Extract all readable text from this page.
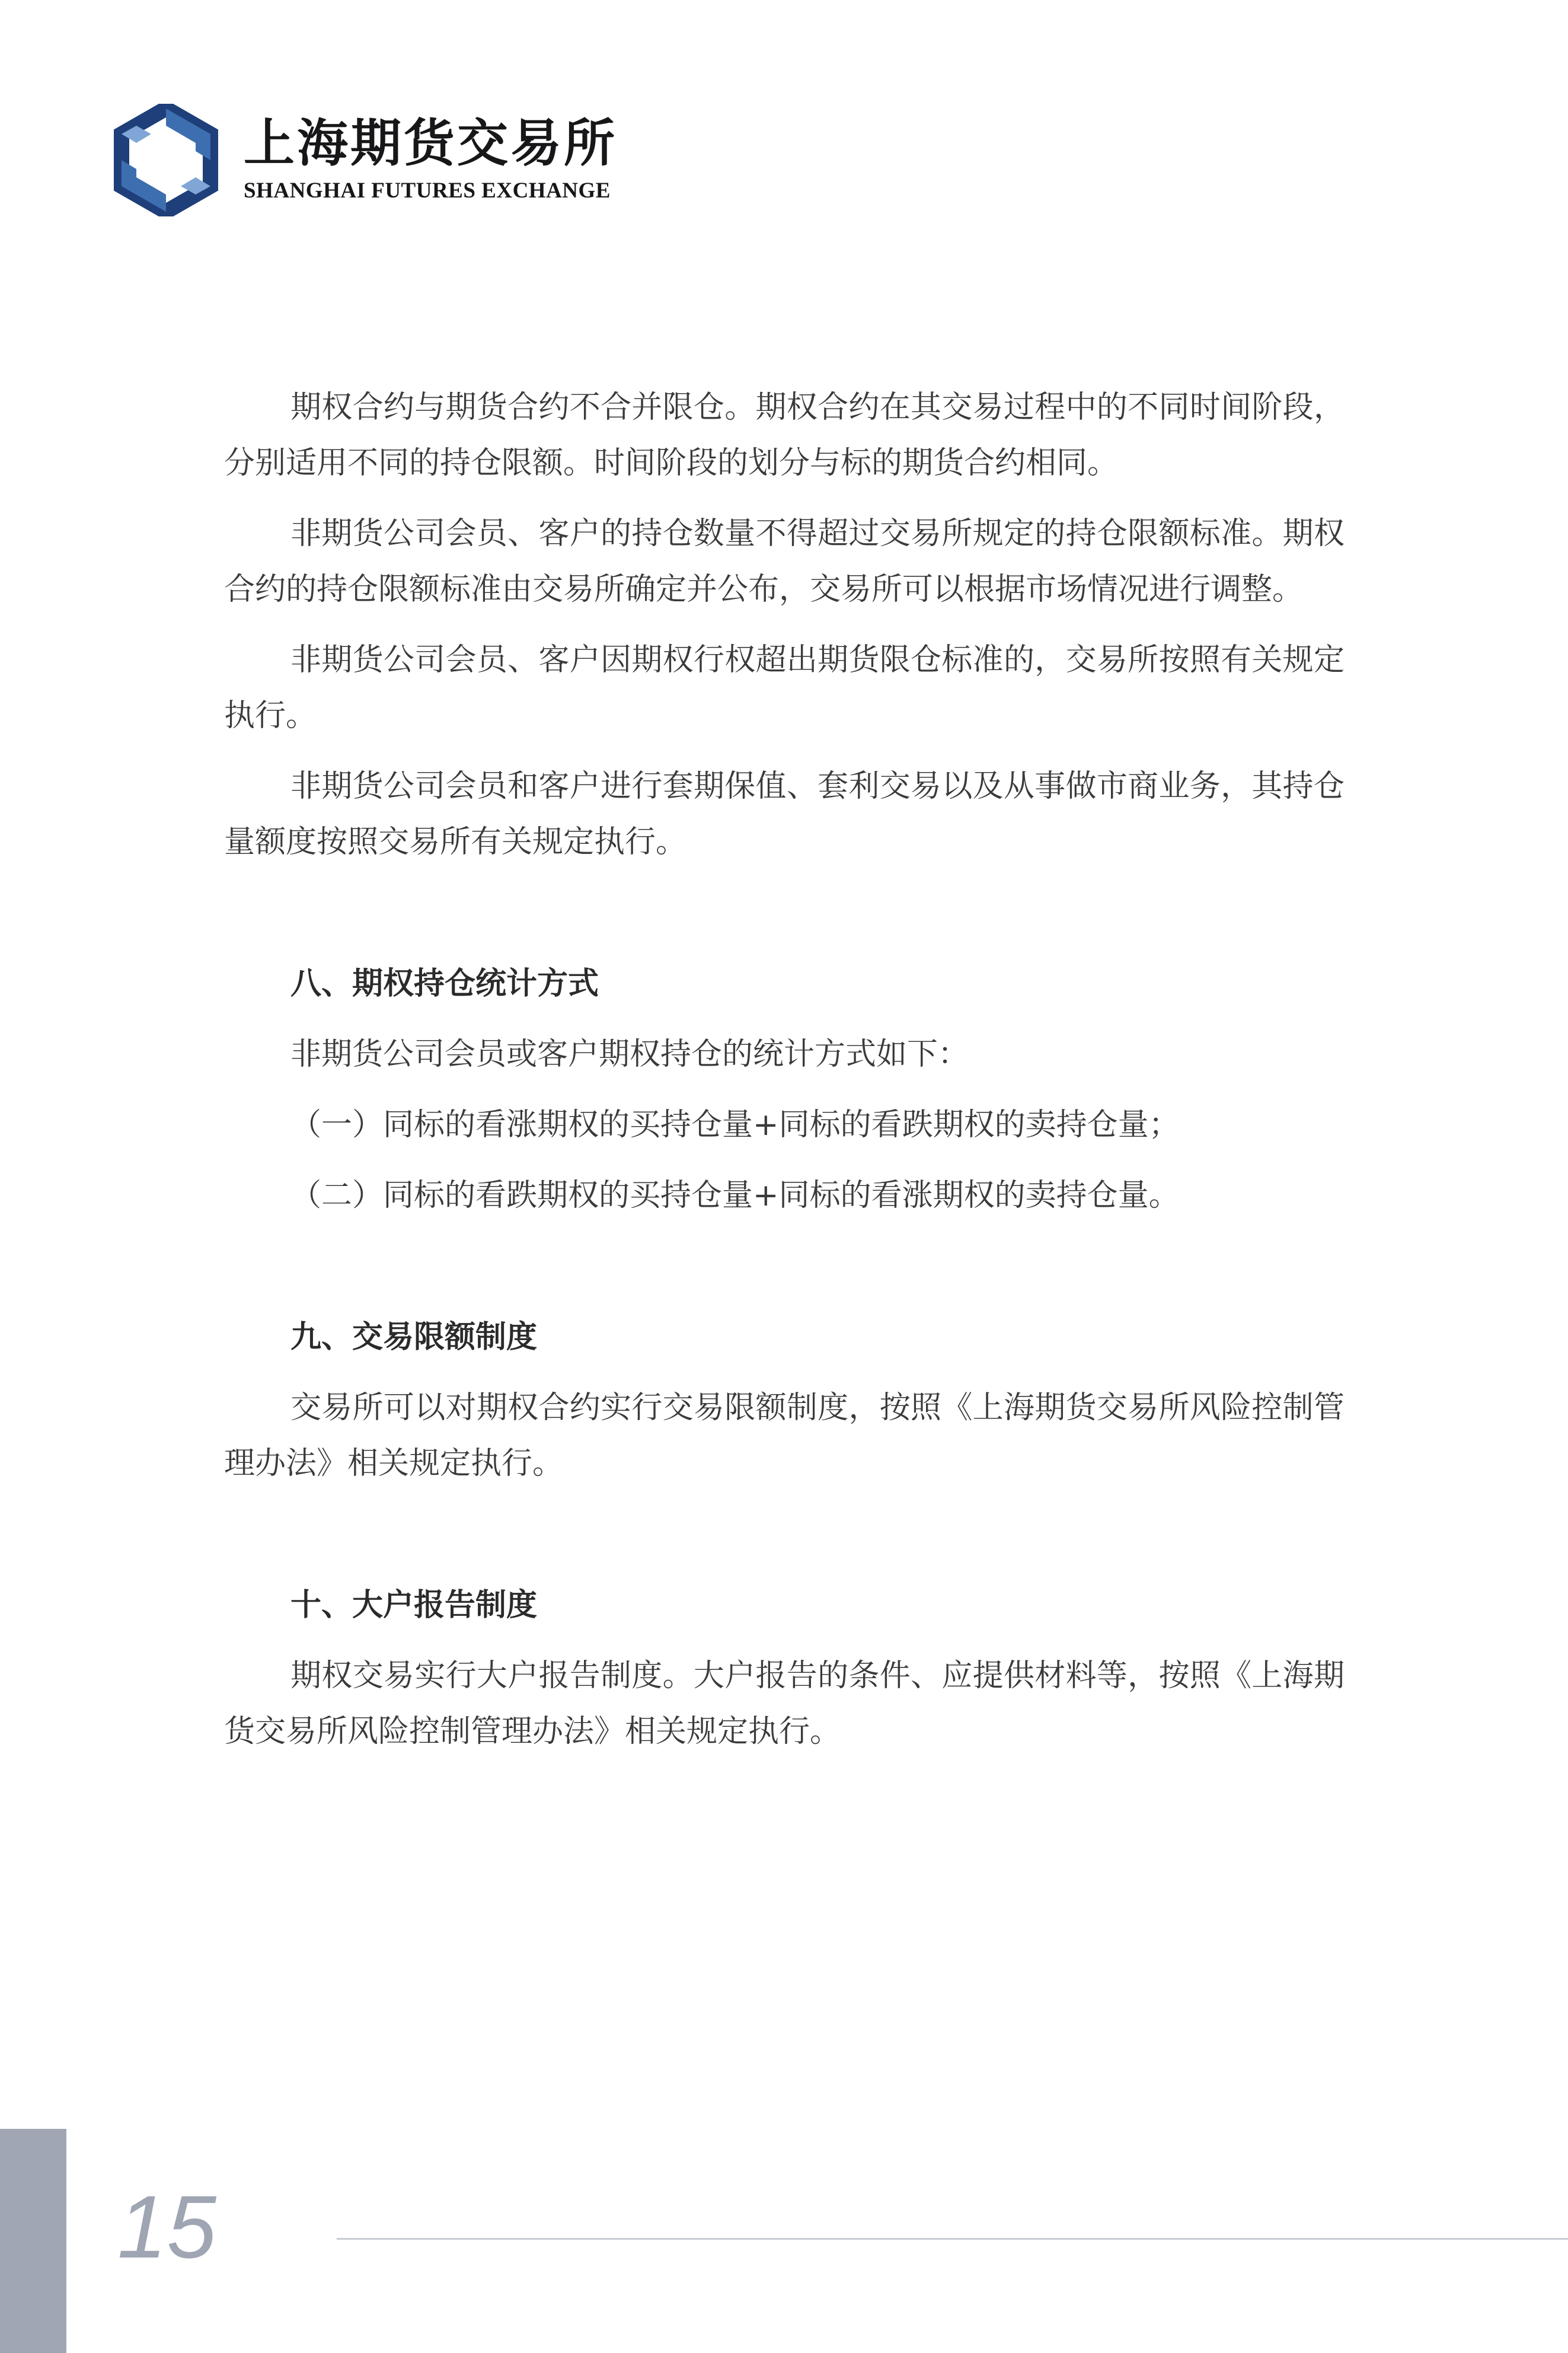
上海期货交易所
SHANGHAI FUTURES EXCHANGE

期权合约与期货合约不合并限仓。期权合约在其交易过程中的不同时间阶段，分别适用不同的持仓限额。时间阶段的划分与标的期货合约相同。

非期货公司会员、客户的持仓数量不得超过交易所规定的持仓限额标准。期权合约的持仓限额标准由交易所确定并公布，交易所可以根据市场情况进行调整。

非期货公司会员、客户因期权行权超出期货限仓标准的，交易所按照有关规定执行。

非期货公司会员和客户进行套期保值、套利交易以及从事做市商业务，其持仓量额度按照交易所有关规定执行。

八、期权持仓统计方式

非期货公司会员或客户期权持仓的统计方式如下：

（一）同标的看涨期权的买持仓量+同标的看跌期权的卖持仓量；

（二）同标的看跌期权的买持仓量+同标的看涨期权的卖持仓量。

九、交易限额制度

交易所可以对期权合约实行交易限额制度，按照《上海期货交易所风险控制管理办法》相关规定执行。

十、大户报告制度

期权交易实行大户报告制度。大户报告的条件、应提供材料等，按照《上海期货交易所风险控制管理办法》相关规定执行。

15
